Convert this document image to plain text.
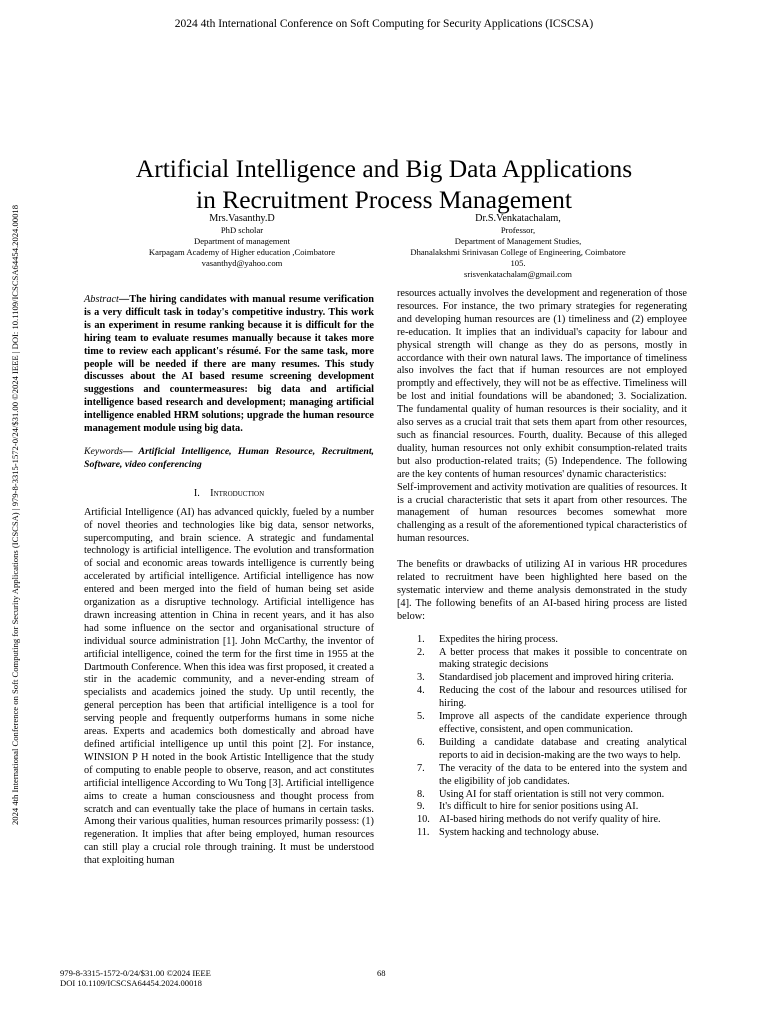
2024 4th International Conference on Soft Computing for Security Applications (ICSCSA)
2024 4th International Conference on Soft Computing for Security Applications (ICSCSA) | 979-8-3315-1572-0/24/$31.00 ©2024 IEEE | DOI: 10.1109/ICSCSA64454.2024.00018
Artificial Intelligence and Big Data Applications
in Recruitment Process Management
Mrs.Vasanthy.D
PhD scholar
Department of management
Karpagam Academy of Higher education ,Coimbatore
vasanthyd@yahoo.com
Dr.S.Venkatachalam,
Professor,
Department of Management Studies,
Dhanalakshmi Srinivasan College of Engineering, Coimbatore
105.
srisvenkatachalam@gmail.com

Abstract—The hiring candidates with manual resume verification is a very difficult task in today's competitive industry. This work is an experiment in resume ranking because it is difficult for the hiring team to evaluate resumes manually because it takes more time to review each applicant's résumé. For the same task, more people will be needed if there are many resumes. This study discusses about the AI based resume screening development suggestions and countermeasures: big data and artificial intelligence based research and development; managing artificial intelligence enabled HRM solutions; upgrade the human resource management module using big data.

Keywords— Artificial Intelligence, Human Resource, Recruitment, Software, video conferencing

I. Introduction

Artificial Intelligence (AI) has advanced quickly, fueled by a number of novel theories and technologies like big data, sensor networks, supercomputing, and brain science. A strategic and fundamental technology is artificial intelligence. The evolution and transformation of social and economic areas towards intelligence is currently being accelerated by artificial intelligence. Artificial intelligence has now entered and been merged into the field of human being set aside organization as a disruptive technology. Artificial intelligence has drawn increasing attention in China in recent years, and it has also had some influence on the sector and organisational structure of individual source administration [1]. John McCarthy, the inventor of artificial intelligence, coined the term for the first time in 1955 at the Dartmouth Conference. When this idea was first proposed, it created a stir in the academic community, and a never-ending stream of specialists and academics joined the study. Up until recently, the general perception has been that artificial intelligence is a tool for serving people and frequently outperforms humans in some niche areas. Experts and academics both domestically and abroad have defined artificial intelligence up until this point [2]. For instance, WINSION P H noted in the book Artistic Intelligence that the study of computing to enable people to observe, reason, and act constitutes artificial intelligence According to Wu Tong [3]. Artificial intelligence aims to create a human consciousness and thought process from scratch and can eventually take the place of humans in certain tasks. Among their various qualities, human resources primarily possess: (1) regeneration. It implies that after being employed, human resources can still play a crucial role through training. It must be understood that exploiting human

resources actually involves the development and regeneration of those resources. For instance, the two primary strategies for regenerating and developing human resources are (1) timeliness and (2) employee re-education. It implies that an individual's capacity for labour and physical strength will change as they do as persons, mostly in accordance with their own natural laws. The importance of timeliness also involves the fact that if human resources are not employed promptly and effectively, they will not be as effective. Timeliness will be lost and initial foundations will be abandoned; 3. Socialization. The fundamental quality of human resources is their sociality, and it also serves as a crucial trait that sets them apart from other resources, such as financial resources. Fourth, duality. Because of this alleged duality, human resources not only exhibit consumption-related traits but also production-related traits; (5) Independence. The following are the key contents of human resources' dynamic characteristics:

Self-improvement and activity motivation are qualities of resources. It is a crucial characteristic that sets it apart from other resources. The management of human resources becomes somewhat more challenging as a result of the aforementioned typical characteristics of human resources.

The benefits or drawbacks of utilizing AI in various HR procedures related to recruitment have been highlighted here based on the systematic interview and theme analysis demonstrated in the study [4]. The following benefits of an AI-based hiring process are listed below:

1.	Expedites the hiring process.
2.	A better process that makes it possible to concentrate on making strategic decisions
3.	Standardised job placement and improved hiring criteria.
4.	Reducing the cost of the labour and resources utilised for hiring.
5.	Improve all aspects of the candidate experience through effective, consistent, and open communication.
6.	Building a candidate database and creating analytical reports to aid in decision-making are the two ways to help.
7.	The veracity of the data to be entered into the system and the eligibility of job candidates.
8.	Using AI for staff orientation is still not very common.
9.	It's difficult to hire for senior positions using AI.
10. AI-based hiring methods do not verify quality of hire.
11. System hacking and technology abuse.
979-8-3315-1572-0/24/$31.00 ©2024 IEEE
DOI 10.1109/ICSCSA64454.2024.00018
68
